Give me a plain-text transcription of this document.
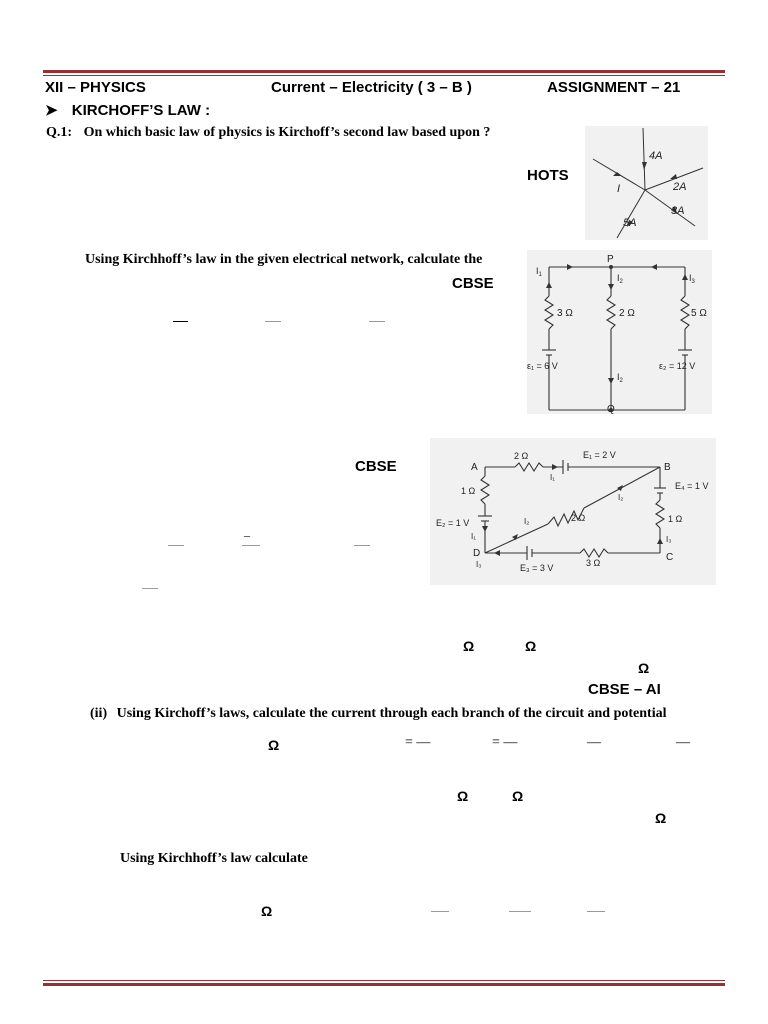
XII – PHYSICS	Current – Electricity ( 3 – B )	ASSIGNMENT – 21
➤ KIRCHOFF’S LAW :
Q.1: On which basic law of physics is Kirchoff’s second law based upon ?
HOTS
4A
I	2A
3A
5A
Using Kirchhoff’s law in the given electrical network, calculate the
CBSE
P
Q
$I_1$	$I_2$
$I_2$
$I_3$
3 Ω	2 Ω	5 Ω
ε₁ = 6 V	ε₂ = 12 V
CBSE	A	B
C
D
2 Ω
1 Ω
2 Ω	1 Ω
3 Ω
E₁ = 2 V
E₂ = 1 V
E₃ = 3 V
E₄ = 1 V
I₁
I₂
I₂
I₁	I₃
I₃
_
Ω	Ω
Ω
CBSE – AI
(ii) Using Kirchoff’s laws, calculate the current through each branch of the circuit and potential
Ω	= —	= —	—	—
Ω	Ω
Ω
Using Kirchhoff’s law calculate
Ω
